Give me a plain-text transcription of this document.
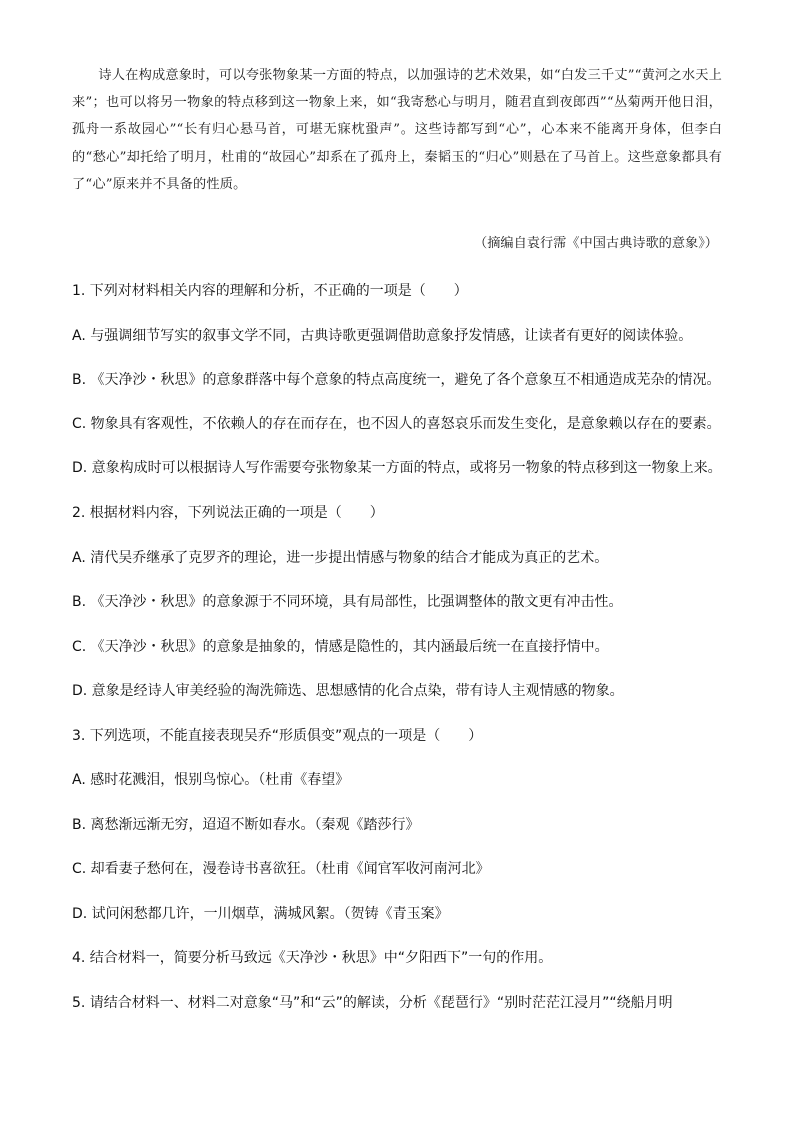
诗人在构成意象时，可以夸张物象某一方面的特点，以加强诗的艺术效果，如“白发三千丈”“黄河之水天上来”；也可以将另一物象的特点移到这一物象上来，如“我寄愁心与明月，随君直到夜郎西”“丛菊两开他日泪，孤舟一系故园心”“长有归心悬马首，可堪无寐枕蛩声”。这些诗都写到“心”，心本来不能离开身体，但李白的“愁心”却托给了明月，杜甫的“故园心”却系在了孤舟上，秦韬玉的“归心”则悬在了马首上。这些意象都具有了“心”原来并不具备的性质。

（摘编自袁行霈《中国古典诗歌的意象》）
1. 下列对材料相关内容的理解和分析，不正确的一项是（　　）
A. 与强调细节写实的叙事文学不同，古典诗歌更强调借助意象抒发情感，让读者有更好的阅读体验。
B. 《天净沙・秋思》的意象群落中每个意象的特点高度统一，避免了各个意象互不相通造成芜杂的情况。
C. 物象具有客观性，不依赖人的存在而存在，也不因人的喜怒哀乐而发生变化，是意象赖以存在的要素。
D. 意象构成时可以根据诗人写作需要夸张物象某一方面的特点，或将另一物象的特点移到这一物象上来。
2. 根据材料内容，下列说法正确的一项是（　　）
A. 清代吴乔继承了克罗齐的理论，进一步提出情感与物象的结合才能成为真正的艺术。
B. 《天净沙・秋思》的意象源于不同环境，具有局部性，比强调整体的散文更有冲击性。
C. 《天净沙・秋思》的意象是抽象的，情感是隐性的，其内涵最后统一在直接抒情中。
D. 意象是经诗人审美经验的淘洗筛选、思想感情的化合点染，带有诗人主观情感的物象。
3. 下列选项，不能直接表现吴乔“形质俱变”观点的一项是（　　）
A. 感时花溅泪，恨别鸟惊心。（杜甫《春望》
B. 离愁渐远渐无穷，迢迢不断如春水。（秦观《踏莎行》
C. 却看妻子愁何在，漫卷诗书喜欲狂。（杜甫《闻官军收河南河北》
D. 试问闲愁都几许，一川烟草，满城风絮。（贺铸《青玉案》
4. 结合材料一，简要分析马致远《天净沙・秋思》中“夕阳西下”一句的作用。
5. 请结合材料一、材料二对意象“马”和“云”的解读，分析《琵琶行》“别时茫茫江浸月”“绕船月明
